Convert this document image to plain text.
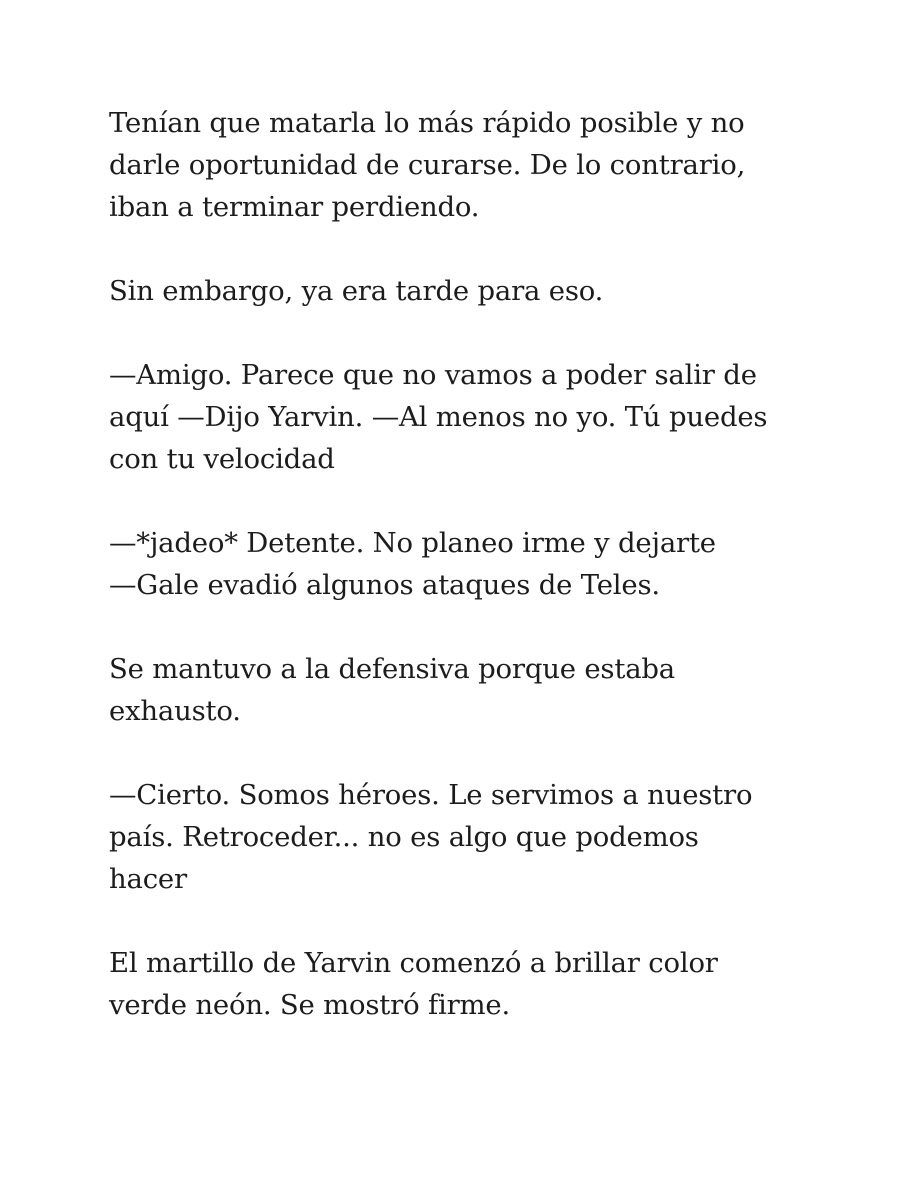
Tenían que matarla lo más rápido posible y no
darle oportunidad de curarse. De lo contrario,
iban a terminar perdiendo.

Sin embargo, ya era tarde para eso.

—Amigo. Parece que no vamos a poder salir de
aquí —Dijo Yarvin. —Al menos no yo. Tú puedes
con tu velocidad

—*jadeo* Detente. No planeo irme y dejarte
—Gale evadió algunos ataques de Teles.

Se mantuvo a la defensiva porque estaba
exhausto.

—Cierto. Somos héroes. Le servimos a nuestro
país. Retroceder... no es algo que podemos
hacer

El martillo de Yarvin comenzó a brillar color
verde neón. Se mostró firme.
